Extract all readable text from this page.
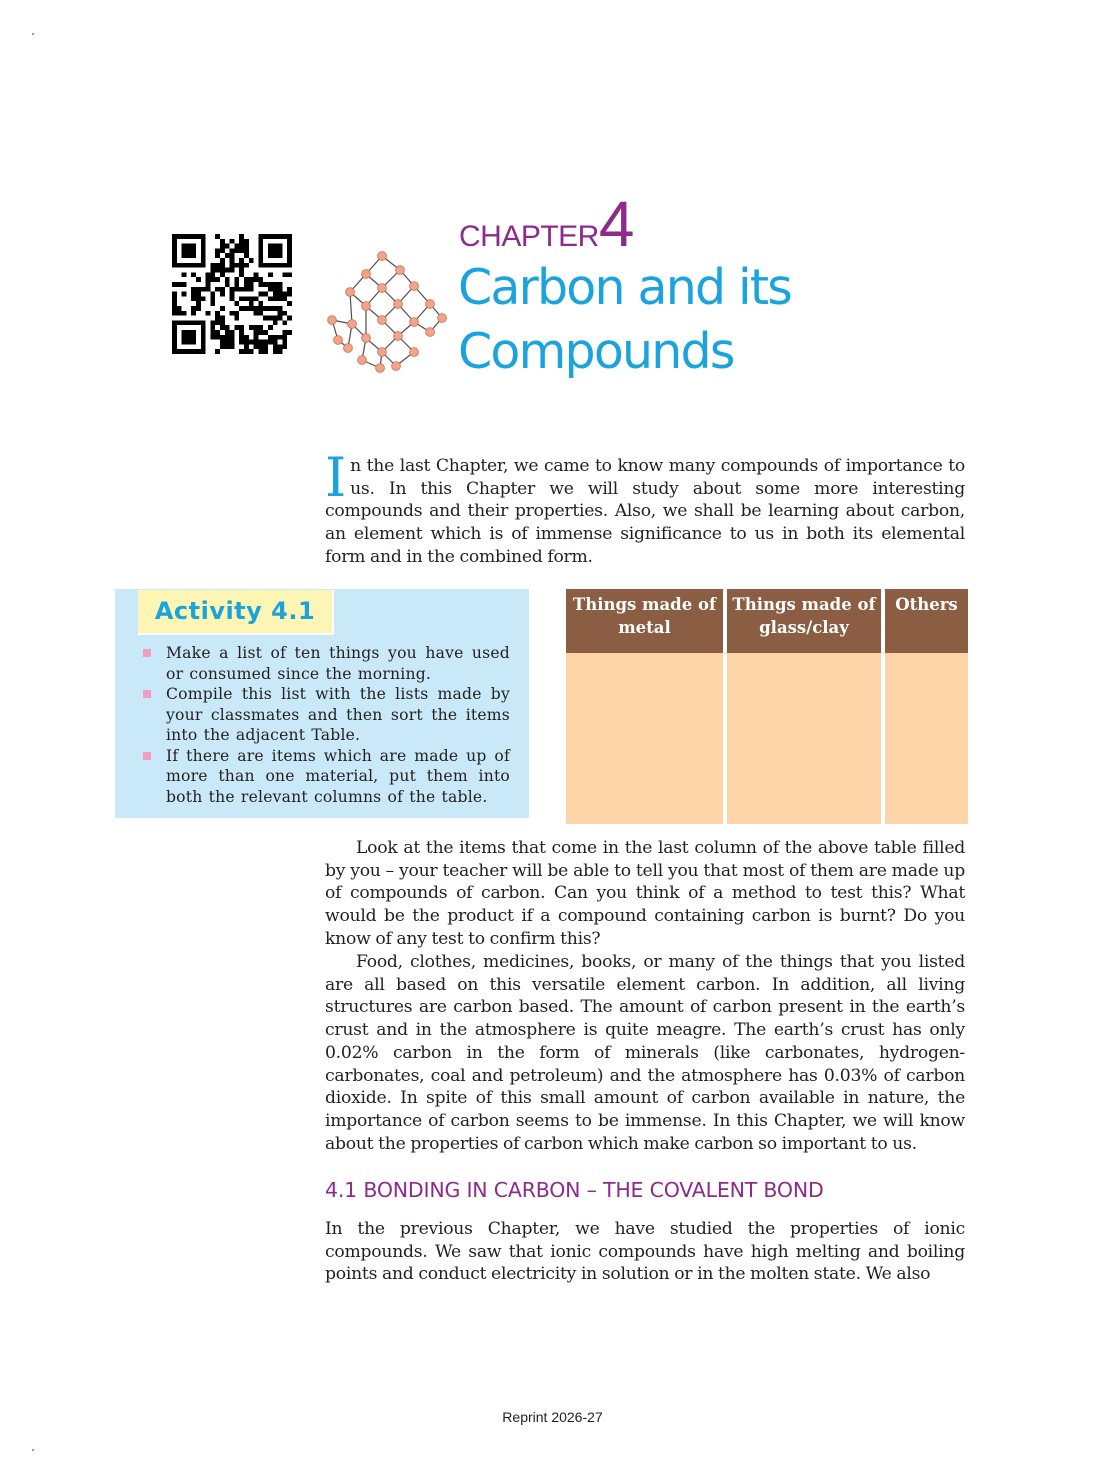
CHAPTER4
Carbon and its
Compounds

In the last Chapter, we came to know many compounds of importance to us. In this Chapter we will study about some more interesting compounds and their properties. Also, we shall be learning about carbon, an element which is of immense significance to us in both its elemental form and in the combined form.

Activity 4.1
Make a list of ten things you have used or consumed since the morning.
Compile this list with the lists made by your classmates and then sort the items into the adjacent Table.
If there are items which are made up of more than one material, put them into both the relevant columns of the table.
Things made of metal	Things made of glass/clay	Others

Look at the items that come in the last column of the above table filled by you – your teacher will be able to tell you that most of them are made up of compounds of carbon. Can you think of a method to test this? What would be the product if a compound containing carbon is burnt? Do you know of any test to confirm this?

Food, clothes, medicines, books, or many of the things that you listed are all based on this versatile element carbon. In addition, all living structures are carbon based. The amount of carbon present in the earth’s crust and in the atmosphere is quite meagre. The earth’s crust has only 0.02% carbon in the form of minerals (like carbonates, hydrogen-carbonates, coal and petroleum) and the atmosphere has 0.03% of carbon dioxide. In spite of this small amount of carbon available in nature, the importance of carbon seems to be immense. In this Chapter, we will know about the properties of carbon which make carbon so important to us.

4.1 BONDING IN CARBON – THE COVALENT BOND

In the previous Chapter, we have studied the properties of ionic compounds. We saw that ionic compounds have high melting and boiling points and conduct electricity in solution or in the molten state. We also

Reprint 2026-27
